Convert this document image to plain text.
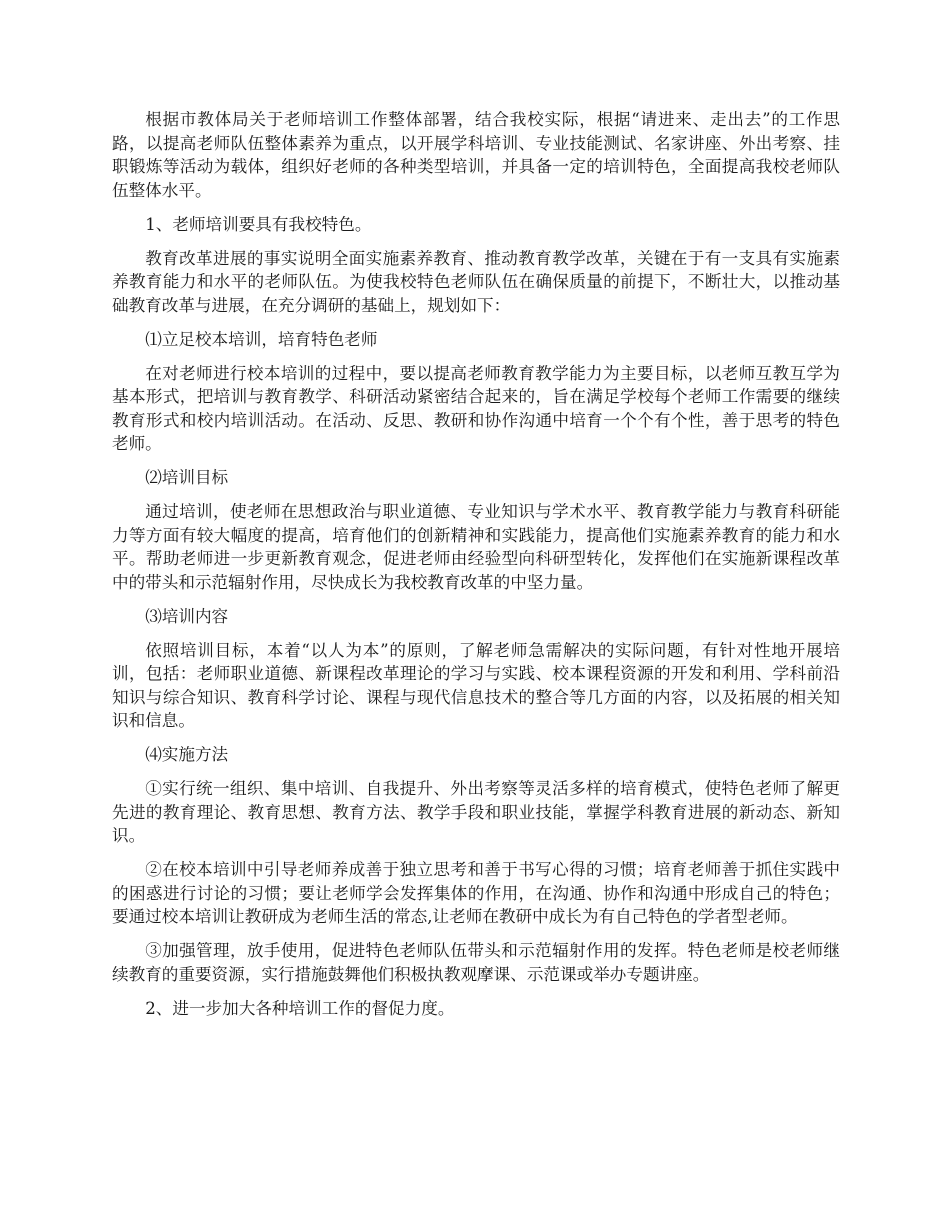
根据市教体局关于老师培训工作整体部署，结合我校实际，根据“请进来、走出去”的工作思路，以提高老师队伍整体素养为重点，以开展学科培训、专业技能测试、名家讲座、外出考察、挂职锻炼等活动为载体，组织好老师的各种类型培训，并具备一定的培训特色，全面提高我校老师队伍整体水平。

1、老师培训要具有我校特色。

教育改革进展的事实说明全面实施素养教育、推动教育教学改革，关键在于有一支具有实施素养教育能力和水平的老师队伍。为使我校特色老师队伍在确保质量的前提下，不断壮大，以推动基础教育改革与进展，在充分调研的基础上，规划如下：

⑴立足校本培训，培育特色老师

在对老师进行校本培训的过程中，要以提高老师教育教学能力为主要目标，以老师互教互学为基本形式，把培训与教育教学、科研活动紧密结合起来的，旨在满足学校每个老师工作需要的继续教育形式和校内培训活动。在活动、反思、教研和协作沟通中培育一个个有个性，善于思考的特色老师。

⑵培训目标

通过培训，使老师在思想政治与职业道德、专业知识与学术水平、教育教学能力与教育科研能力等方面有较大幅度的提高，培育他们的创新精神和实践能力，提高他们实施素养教育的能力和水平。帮助老师进一步更新教育观念，促进老师由经验型向科研型转化，发挥他们在实施新课程改革中的带头和示范辐射作用，尽快成长为我校教育改革的中坚力量。

⑶培训内容

依照培训目标，本着“以人为本”的原则，了解老师急需解决的实际问题，有针对性地开展培训，包括：老师职业道德、新课程改革理论的学习与实践、校本课程资源的开发和利用、学科前沿知识与综合知识、教育科学讨论、课程与现代信息技术的整合等几方面的内容，以及拓展的相关知识和信息。

⑷实施方法

①实行统一组织、集中培训、自我提升、外出考察等灵活多样的培育模式，使特色老师了解更先进的教育理论、教育思想、教育方法、教学手段和职业技能，掌握学科教育进展的新动态、新知识。

②在校本培训中引导老师养成善于独立思考和善于书写心得的习惯；培育老师善于抓住实践中的困惑进行讨论的习惯；要让老师学会发挥集体的作用，在沟通、协作和沟通中形成自己的特色；要通过校本培训让教研成为老师生活的常态,让老师在教研中成长为有自己特色的学者型老师。

③加强管理，放手使用，促进特色老师队伍带头和示范辐射作用的发挥。特色老师是校老师继续教育的重要资源，实行措施鼓舞他们积极执教观摩课、示范课或举办专题讲座。

2、进一步加大各种培训工作的督促力度。
